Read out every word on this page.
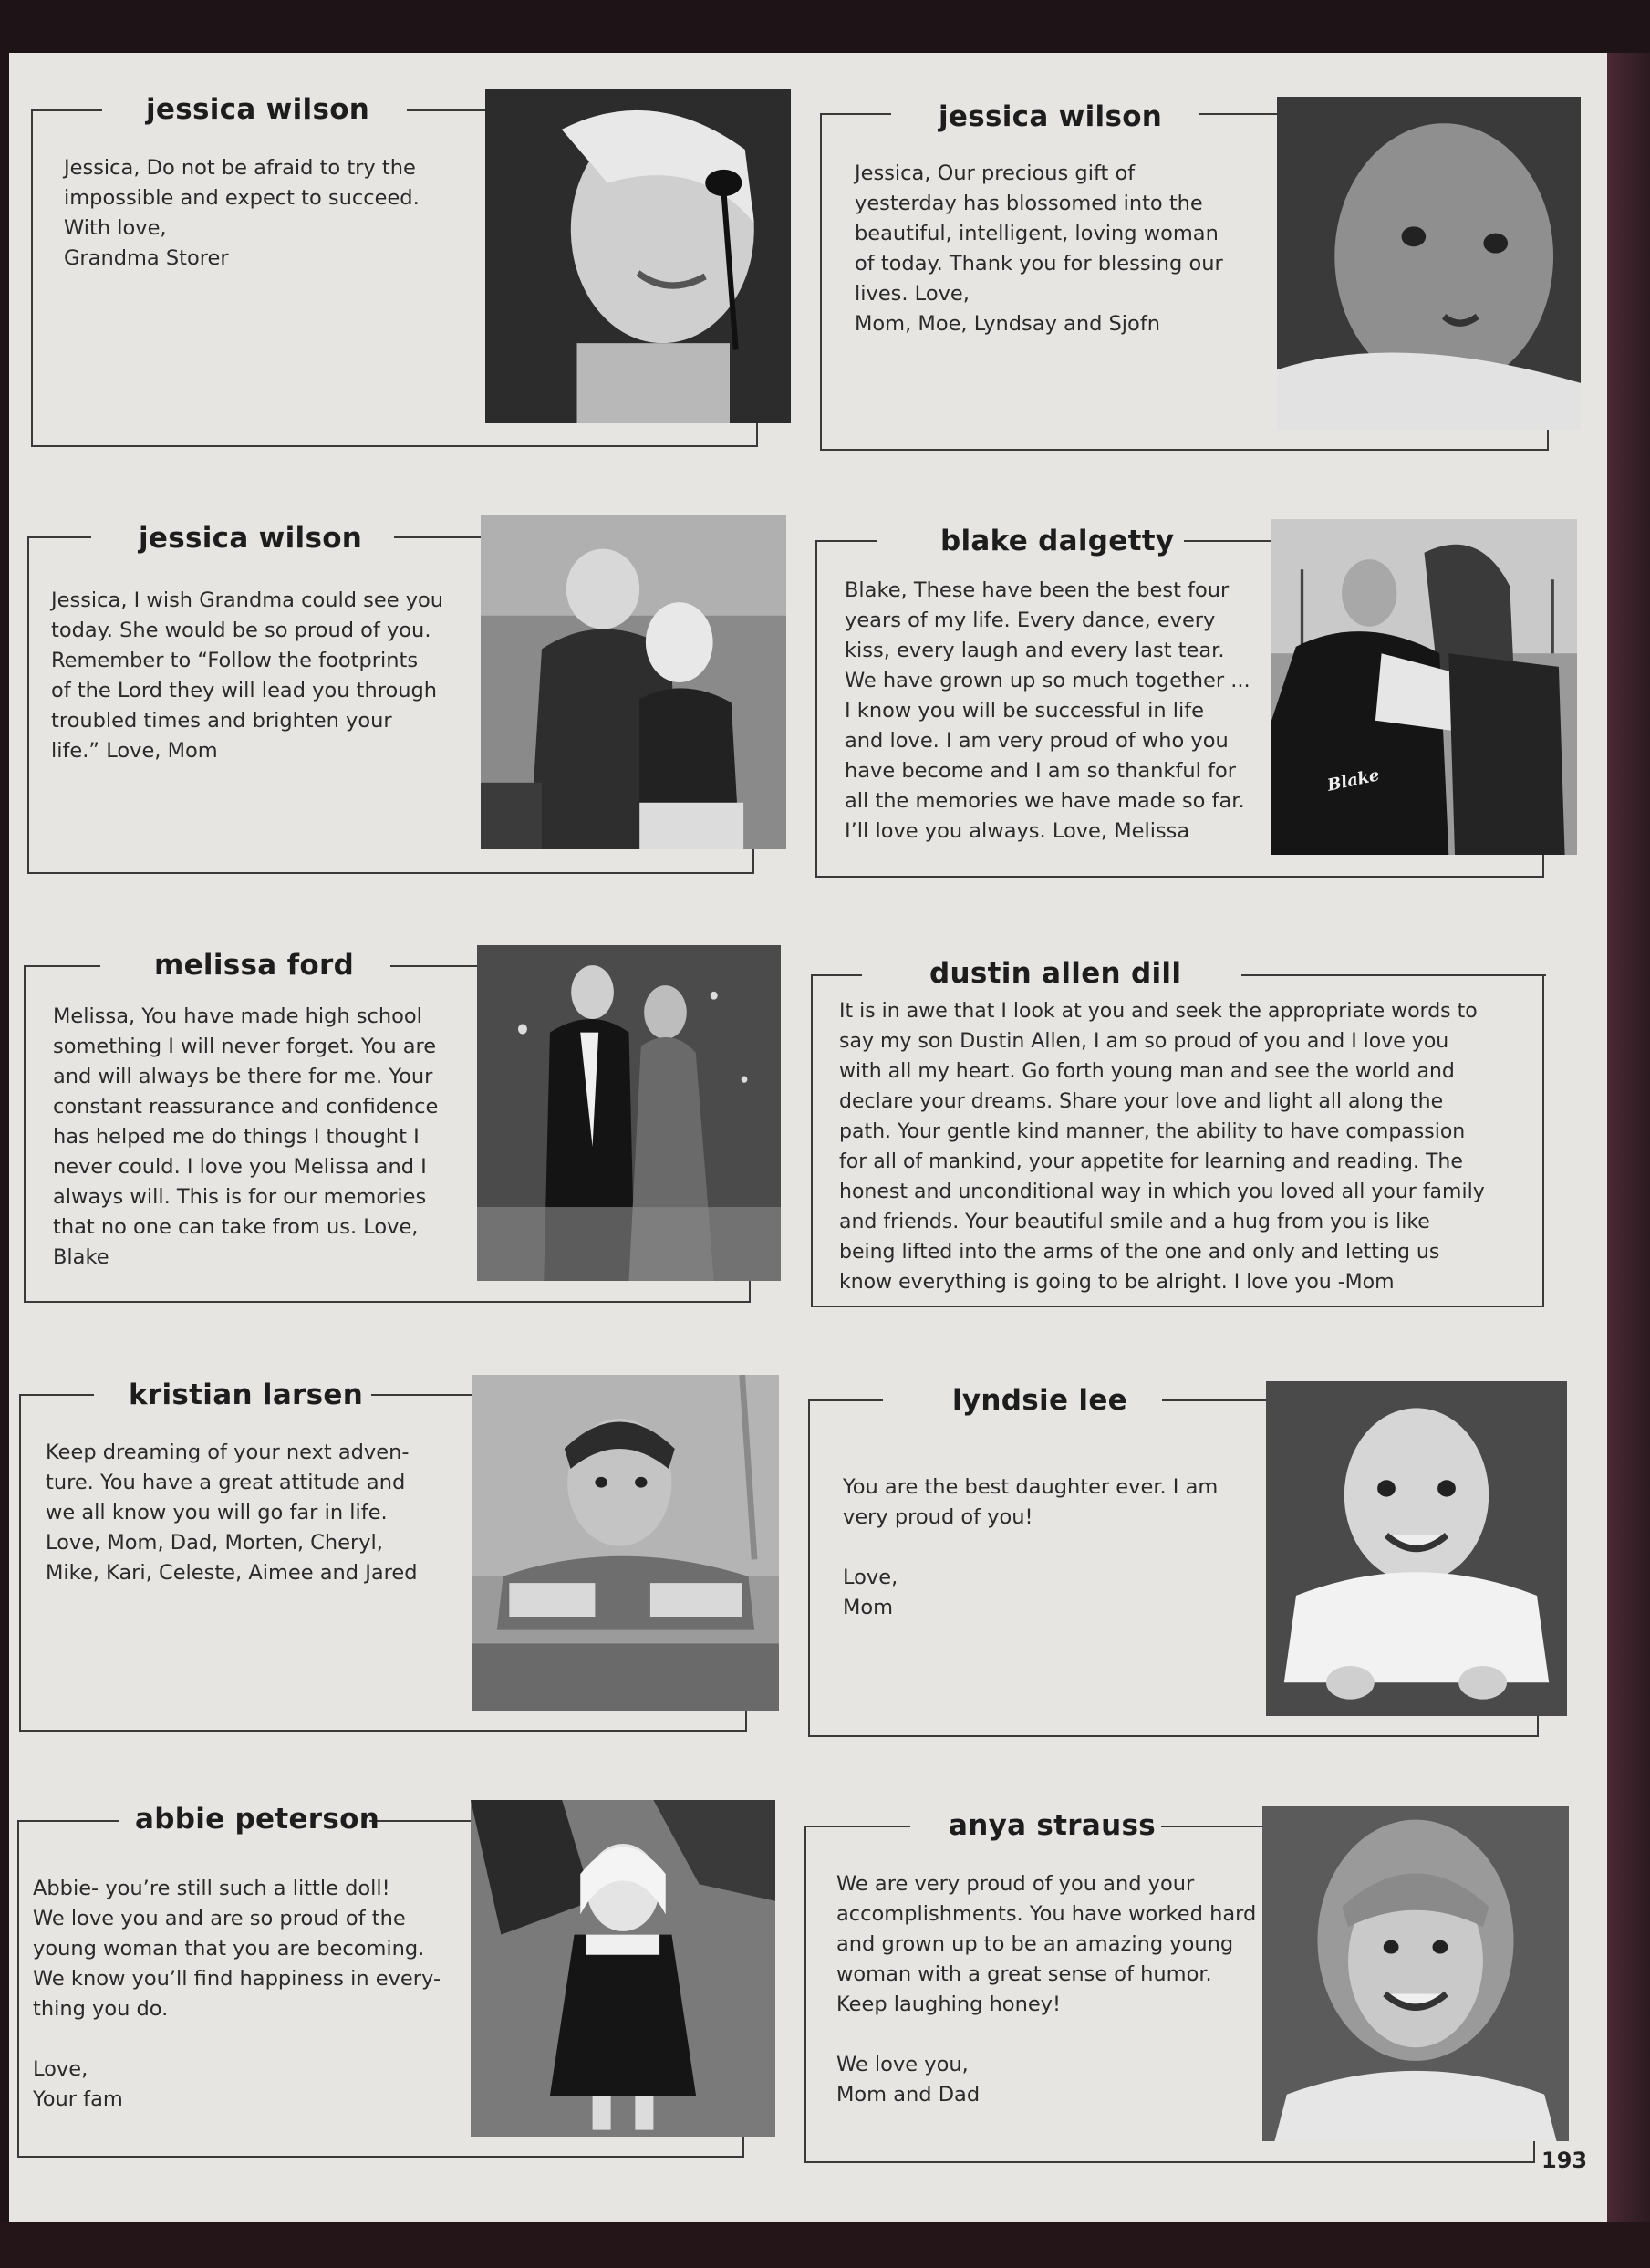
jessica wilson
Jessica, Do not be afraid to try the
impossible and expect to succeed.
With love,
Grandma Storer
jessica wilson
Jessica, Our precious gift of
yesterday has blossomed into the
beautiful, intelligent, loving woman
of today. Thank you for blessing our
lives. Love,
Mom, Moe, Lyndsay and Sjofn
jessica wilson
Jessica, I wish Grandma could see you
today. She would be so proud of you.
Remember to “Follow the footprints
of the Lord they will lead you through
troubled times and brighten your
life.” Love, Mom
blake dalgetty
Blake, These have been the best four
years of my life. Every dance, every
kiss, every laugh and every last tear.
We have grown up so much together ...
I know you will be successful in life
and love. I am very proud of who you
have become and I am so thankful for
all the memories we have made so far.
I’ll love you always. Love, Melissa
Blake
melissa ford
Melissa, You have made high school
something I will never forget. You are
and will always be there for me. Your
constant reassurance and confidence
has helped me do things I thought I
never could. I love you Melissa and I
always will. This is for our memories
that no one can take from us. Love,
Blake
dustin allen dill
It is in awe that I look at you and seek the appropriate words to
say my son Dustin Allen, I am so proud of you and I love you
with all my heart. Go forth young man and see the world and
declare your dreams. Share your love and light all along the
path. Your gentle kind manner, the ability to have compassion
for all of mankind, your appetite for learning and reading. The
honest and unconditional way in which you loved all your family
and friends. Your beautiful smile and a hug from you is like
being lifted into the arms of the one and only and letting us
know everything is going to be alright. I love you -Mom
kristian larsen
Keep dreaming of your next adven-
ture. You have a great attitude and
we all know you will go far in life.
Love, Mom, Dad, Morten, Cheryl,
Mike, Kari, Celeste, Aimee and Jared
lyndsie lee
You are the best daughter ever. I am
very proud of you!

Love,
Mom
abbie peterson
Abbie- you’re still such a little doll!
We love you and are so proud of the
young woman that you are becoming.
We know you’ll find happiness in every-
thing you do.

Love,
Your fam
anya strauss
We are very proud of you and your
accomplishments. You have worked hard
and grown up to be an amazing young
woman with a great sense of humor.
Keep laughing honey!

We love you,
Mom and Dad
193
